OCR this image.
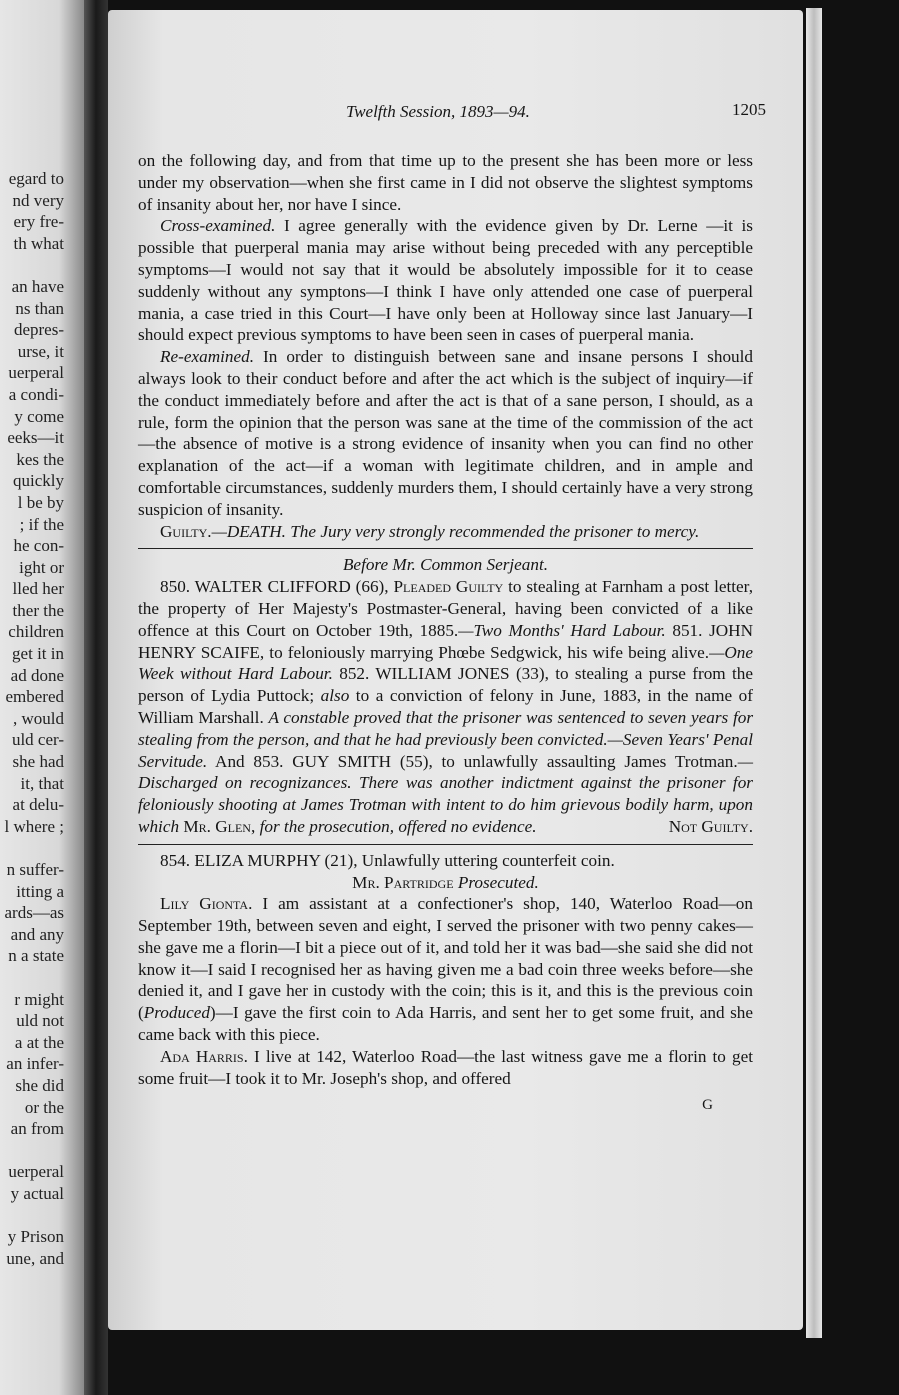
egard to
nd very
ery fre-
th what

an have
ns than
depres-
urse, it
uerperal
a condi-
y come
eeks—it
kes the
quickly
l be by
; if the
he con-
ight or
lled her
ther the
children
get it in
ad done
embered
, would
uld cer-
she had
it, that
at delu-
l where ;

n suffer-
itting a
ards—as
and any
n a state

r might
uld not
a at the
an infer-
she did
or the
an from

uerperal
y actual

y Prison
une, and
Twelfth Session, 1893—94.	1205

on the following day, and from that time up to the present she has been more or less under my observation—when she first came in I did not observe the slightest symptoms of insanity about her, nor have I since.

Cross-examined. I agree generally with the evidence given by Dr. Lerne —it is possible that puerperal mania may arise without being preceded with any perceptible symptoms—I would not say that it would be absolutely impossible for it to cease suddenly without any symptons—I think I have only attended one case of puerperal mania, a case tried in this Court—I have only been at Holloway since last January—I should expect previous symptoms to have been seen in cases of puerperal mania.

Re-examined. In order to distinguish between sane and insane persons I should always look to their conduct before and after the act which is the subject of inquiry—if the conduct immediately before and after the act is that of a sane person, I should, as a rule, form the opinion that the person was sane at the time of the commission of the act—the absence of motive is a strong evidence of insanity when you can find no other explanation of the act—if a woman with legitimate children, and in ample and comfortable circumstances, suddenly murders them, I should certainly have a very strong suspicion of insanity.

Guilty.—DEATH. The Jury very strongly recommended the prisoner to mercy.

Before Mr. Common Serjeant.

850. WALTER CLIFFORD (66), Pleaded Guilty to stealing at Farnham a post letter, the property of Her Majesty's Postmaster-General, having been convicted of a like offence at this Court on October 19th, 1885.—Two Months' Hard Labour. 851. JOHN HENRY SCAIFE, to feloniously marrying Phœbe Sedgwick, his wife being alive.—One Week without Hard Labour. 852. WILLIAM JONES (33), to stealing a purse from the person of Lydia Puttock; also to a conviction of felony in June, 1883, in the name of William Marshall. A constable proved that the prisoner was sentenced to seven years for stealing from the person, and that he had previously been convicted.—Seven Years' Penal Servitude. And 853. GUY SMITH (55), to unlawfully assaulting James Trotman.—Discharged on recognizances. There was another indictment against the prisoner for feloniously shooting at James Trotman with intent to do him grievous bodily harm, upon which Mr. Glen, for the prosecution, offered no evidence.	Not Guilty.

854. ELIZA MURPHY (21), Unlawfully uttering counterfeit coin.

Mr. Partridge Prosecuted.

Lily Gionta. I am assistant at a confectioner's shop, 140, Waterloo Road—on September 19th, between seven and eight, I served the prisoner with two penny cakes—she gave me a florin—I bit a piece out of it, and told her it was bad—she said she did not know it—I said I recognised her as having given me a bad coin three weeks before—she denied it, and I gave her in custody with the coin; this is it, and this is the previous coin (Produced)—I gave the first coin to Ada Harris, and sent her to get some fruit, and she came back with this piece.

Ada Harris. I live at 142, Waterloo Road—the last witness gave me a florin to get some fruit—I took it to Mr. Joseph's shop, and offered

G
